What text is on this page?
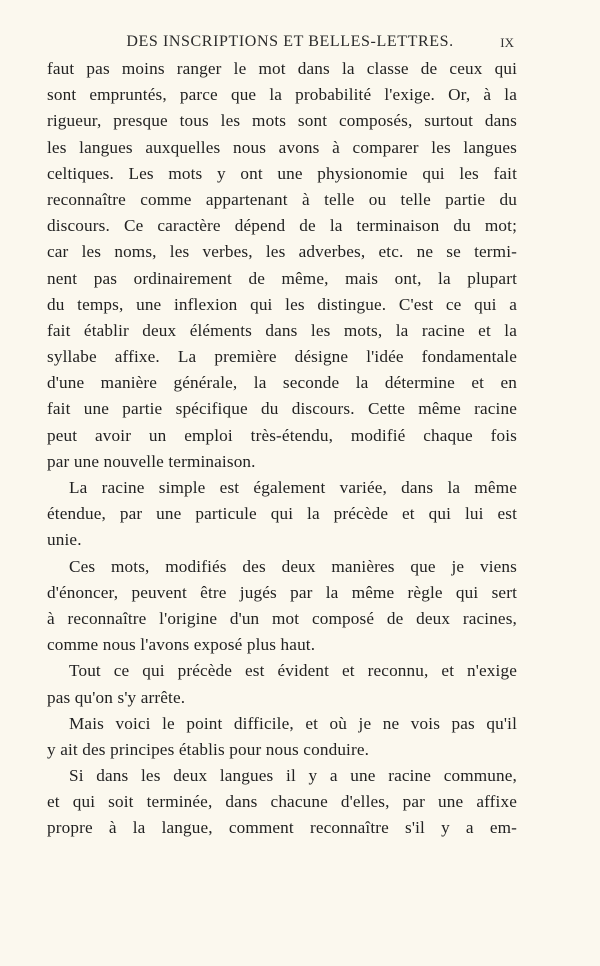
DES INSCRIPTIONS ET BELLES-LETTRES.	IX
faut pas moins ranger le mot dans la classe de ceux qui
sont empruntés, parce que la probabilité l'exige. Or, à la
rigueur, presque tous les mots sont composés, surtout dans
les langues auxquelles nous avons à comparer les langues
celtiques. Les mots y ont une physionomie qui les fait
reconnaître comme appartenant à telle ou telle partie du
discours. Ce caractère dépend de la terminaison du mot;
car les noms, les verbes, les adverbes, etc. ne se termi-
nent pas ordinairement de même, mais ont, la plupart
du temps, une inflexion qui les distingue. C'est ce qui a
fait établir deux éléments dans les mots, la racine et la
syllabe affixe. La première désigne l'idée fondamentale
d'une manière générale, la seconde la détermine et en
fait une partie spécifique du discours. Cette même racine
peut avoir un emploi très-étendu, modifié chaque fois
par une nouvelle terminaison.
La racine simple est également variée, dans la même
étendue, par une particule qui la précède et qui lui est
unie.
Ces mots, modifiés des deux manières que je viens
d'énoncer, peuvent être jugés par la même règle qui sert
à reconnaître l'origine d'un mot composé de deux racines,
comme nous l'avons exposé plus haut.
Tout ce qui précède est évident et reconnu, et n'exige
pas qu'on s'y arrête.
Mais voici le point difficile, et où je ne vois pas qu'il
y ait des principes établis pour nous conduire.
Si dans les deux langues il y a une racine commune,
et qui soit terminée, dans chacune d'elles, par une affixe
propre à la langue, comment reconnaître s'il y a em-
